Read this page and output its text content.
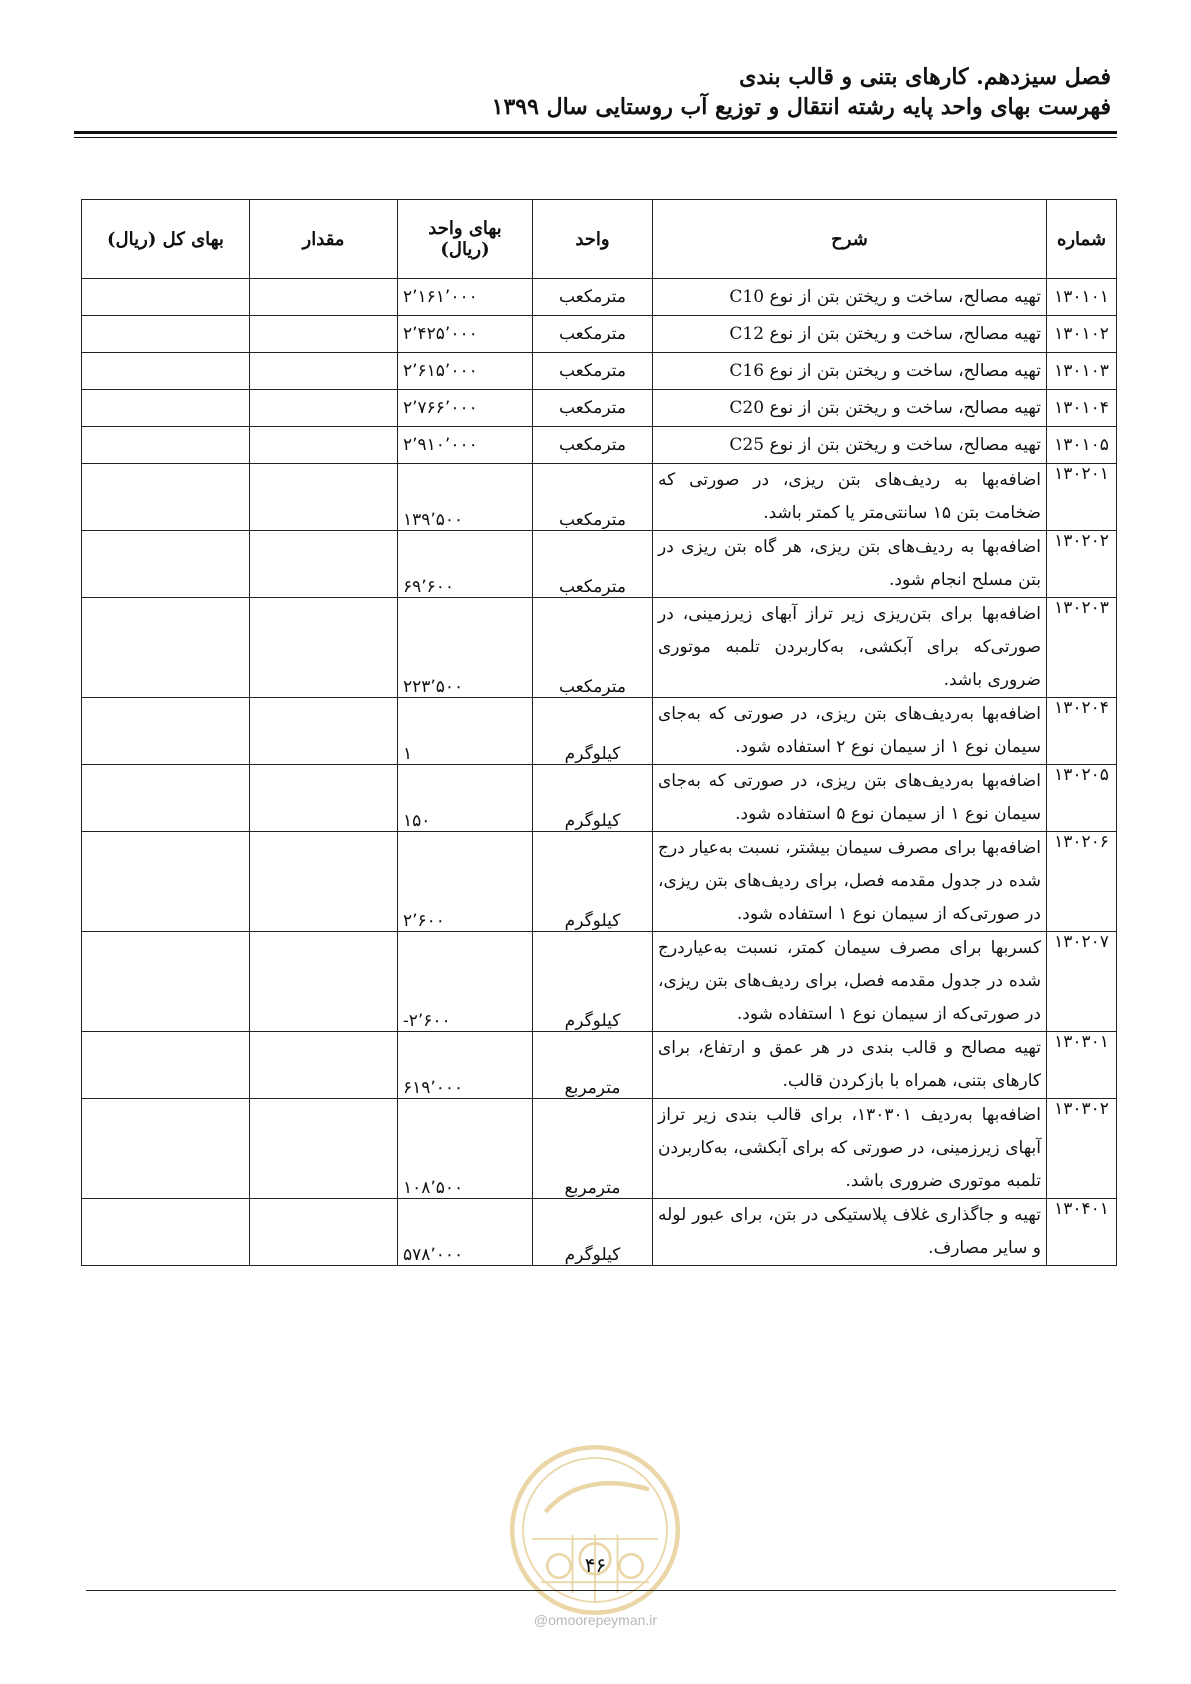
فصل سیزدهم. کارهای بتنی و قالب بندی
فهرست بهای واحد پایه رشته انتقال و توزیع آب روستایی سال ۱۳۹۹
شماره	شرح	واحد	بهای واحد (ریال)	مقدار	بهای کل (ریال)
۱۳۰۱۰۱	تهیه مصالح، ساخت و ریختن بتن از نوع C10	مترمکعب	۲٬۱۶۱٬۰۰۰		
۱۳۰۱۰۲	تهیه مصالح، ساخت و ریختن بتن از نوع C12	مترمکعب	۲٬۴۲۵٬۰۰۰		
۱۳۰۱۰۳	تهیه مصالح، ساخت و ریختن بتن از نوع C16	مترمکعب	۲٬۶۱۵٬۰۰۰		
۱۳۰۱۰۴	تهیه مصالح، ساخت و ریختن بتن از نوع C20	مترمکعب	۲٬۷۶۶٬۰۰۰		
۱۳۰۱۰۵	تهیه مصالح، ساخت و ریختن بتن از نوع C25	مترمکعب	۲٬۹۱۰٬۰۰۰		
۱۳۰۲۰۱	اضافه‌بها به ردیف‌های بتن ریزی، در صورتی که ضخامت بتن ۱۵ سانتی‌متر یا کمتر باشد.	مترمکعب	۱۳۹٬۵۰۰		
۱۳۰۲۰۲	اضافه‌بها به ردیف‌های بتن ریزی، هر گاه بتن ریزی در بتن مسلح انجام شود.	مترمکعب	۶۹٬۶۰۰		
۱۳۰۲۰۳	اضافه‌بها برای بتن‌ریزی زیر تراز آبهای زیرزمینی، در صورتی‌که برای آبکشی، به‌کاربردن تلمبه موتوری ضروری باشد.	مترمکعب	۲۲۳٬۵۰۰		
۱۳۰۲۰۴	اضافه‌بها به‌ردیف‌های بتن ریزی، در صورتی که به‌جای سیمان نوع ۱ از سیمان نوع ۲ استفاده شود.	کیلوگرم	۱		
۱۳۰۲۰۵	اضافه‌بها به‌ردیف‌های بتن ریزی، در صورتی که به‌جای سیمان نوع ۱ از سیمان نوع ۵ استفاده شود.	کیلوگرم	۱۵۰		
۱۳۰۲۰۶	اضافه‌بها برای مصرف سیمان بیشتر، نسبت به‌عیار درج شده در جدول مقدمه فصل، برای ردیف‌های بتن ریزی، در صورتی‌که از سیمان نوع ۱ استفاده شود.	کیلوگرم	۲٬۶۰۰		
۱۳۰۲۰۷	کسربها برای مصرف سیمان کمتر، نسبت به‌عیاردرج شده در جدول مقدمه فصل، برای ردیف‌های بتن ریزی، در صورتی‌که از سیمان نوع ۱ استفاده شود.	کیلوگرم	-۲٬۶۰۰		
۱۳۰۳۰۱	تهیه مصالح و قالب بندی در هر عمق و ارتفاع، برای کارهای بتنی، همراه با بازکردن قالب.	مترمربع	۶۱۹٬۰۰۰		
۱۳۰۳۰۲	اضافه‌بها به‌ردیف ۱۳۰۳۰۱، برای قالب بندی زیر تراز آبهای زیرزمینی، در صورتی که برای آبکشی، به‌کاربردن تلمبه موتوری ضروری باشد.	مترمربع	۱۰۸٬۵۰۰		
۱۳۰۴۰۱	تهیه و جاگذاری غلاف پلاستیکی در بتن، برای عبور لوله و سایر مصارف.	کیلوگرم	۵۷۸٬۰۰۰		
۴۶
@omoorepeyman.ir
